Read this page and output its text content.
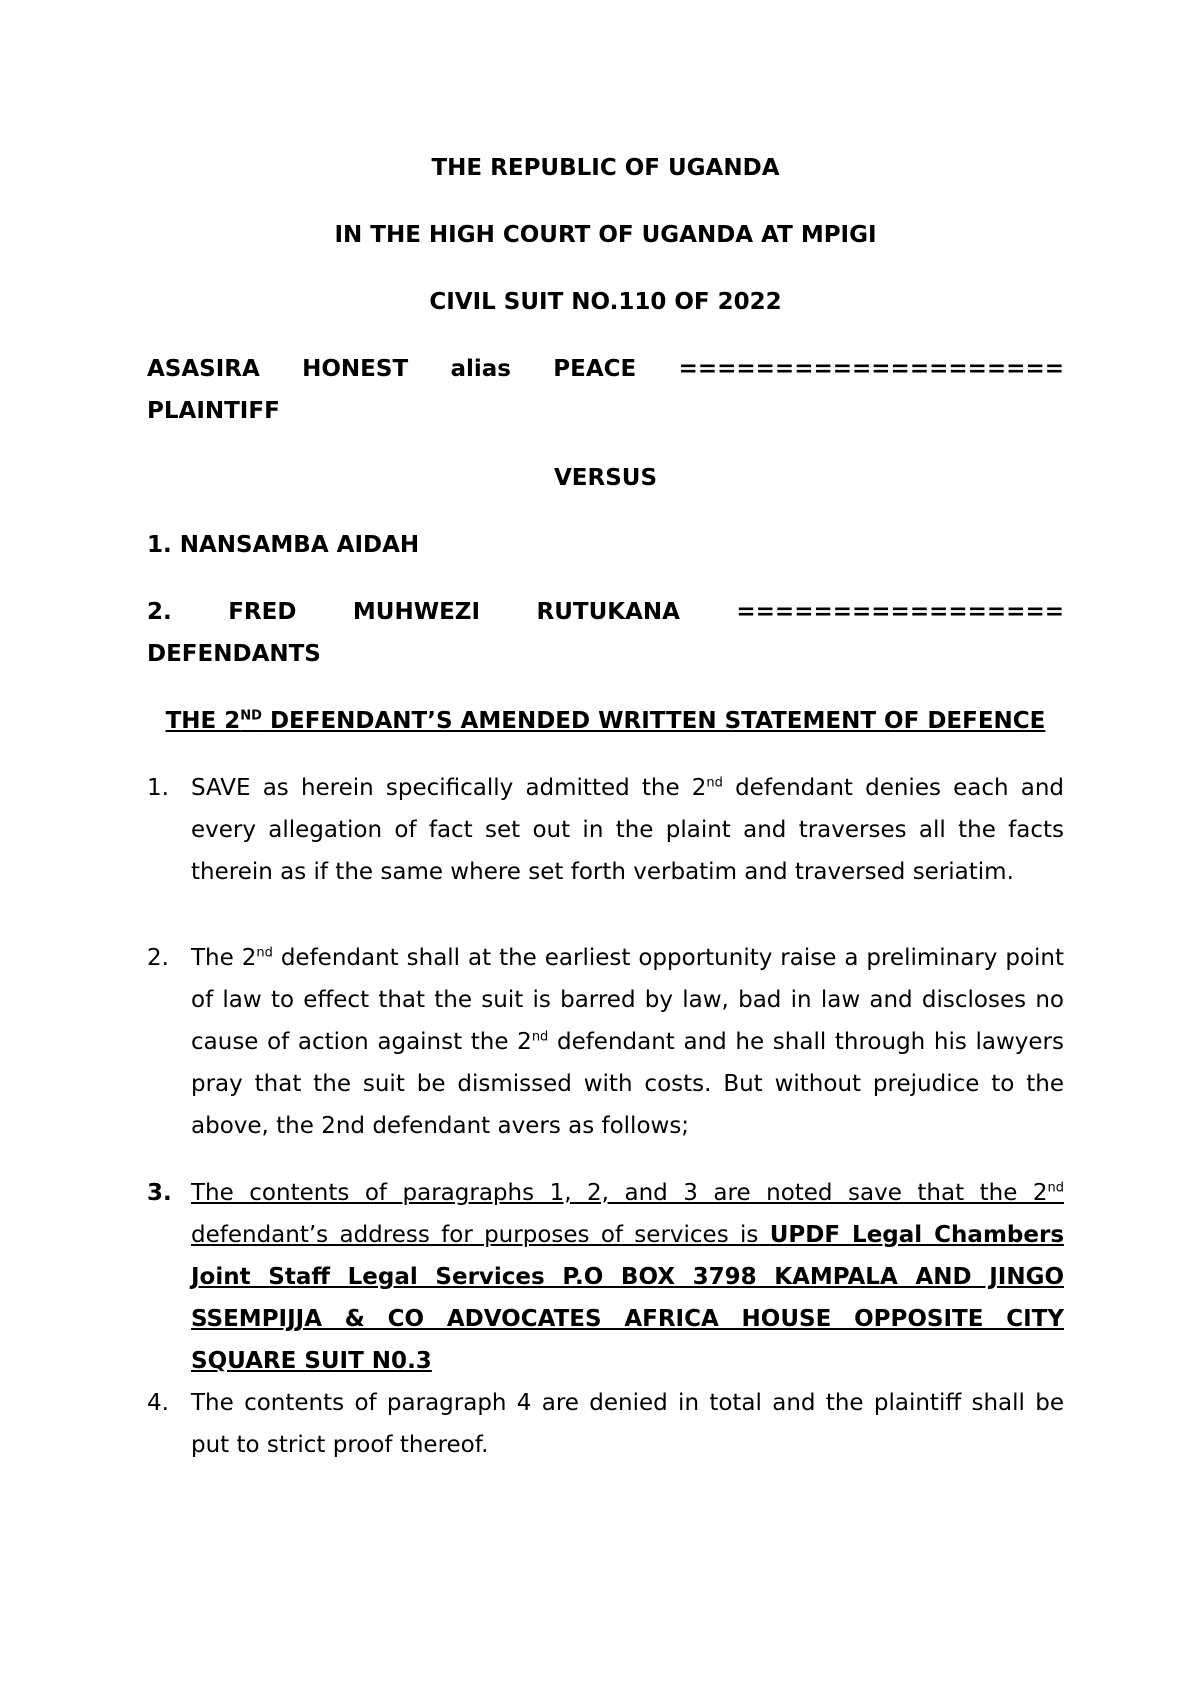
THE REPUBLIC OF UGANDA
IN THE HIGH COURT OF UGANDA AT MPIGI
CIVIL SUIT NO.110 OF 2022
ASASIRA HONEST alias PEACE ====================
PLAINTIFF
VERSUS
1. NANSAMBA AIDAH
2. FRED MUHWEZI RUTUKANA =================
DEFENDANTS
THE 2ND DEFENDANT’S AMENDED WRITTEN STATEMENT OF DEFENCE
1. SAVE as herein specifically admitted the 2nd defendant denies each and every allegation of fact set out in the plaint and traverses all the facts therein as if the same where set forth verbatim and traversed seriatim.
2. The 2nd defendant shall at the earliest opportunity raise a preliminary point of law to effect that the suit is barred by law, bad in law and discloses no cause of action against the 2nd defendant and he shall through his lawyers pray that the suit be dismissed with costs. But without prejudice to the above, the 2nd defendant avers as follows;
3. The contents of paragraphs 1, 2, and 3 are noted save that the 2nd defendant’s address for purposes of services is UPDF Legal Chambers Joint Staff Legal Services P.O BOX 3798 KAMPALA AND JINGO SSEMPIJJA & CO ADVOCATES AFRICA HOUSE OPPOSITE CITY SQUARE SUIT N0.3
4. The contents of paragraph 4 are denied in total and the plaintiff shall be put to strict proof thereof.
